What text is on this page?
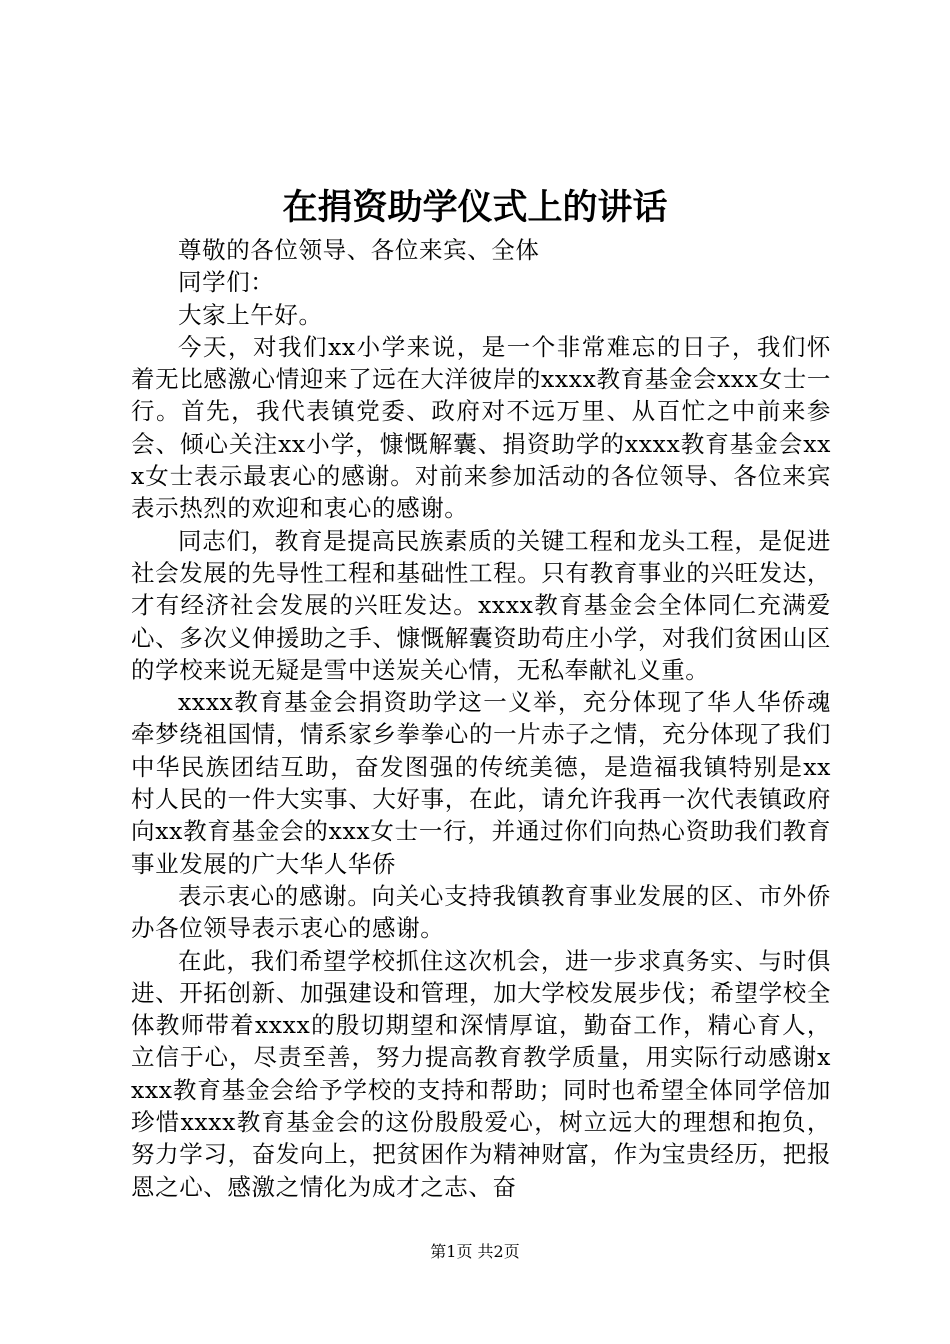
在捐资助学仪式上的讲话

尊敬的各位领导、各位来宾、全体

同学们：

大家上午好。

今天，对我们xx小学来说，是一个非常难忘的日子，我们怀着无比感激心情迎来了远在大洋彼岸的xxxx教育基金会xxx女士一行。首先，我代表镇党委、政府对不远万里、从百忙之中前来参会、倾心关注xx小学，慷慨解囊、捐资助学的xxxx教育基金会xxx女士表示最衷心的感谢。对前来参加活动的各位领导、各位来宾表示热烈的欢迎和衷心的感谢。

同志们，教育是提高民族素质的关键工程和龙头工程，是促进社会发展的先导性工程和基础性工程。只有教育事业的兴旺发达，才有经济社会发展的兴旺发达。xxxx教育基金会全体同仁充满爱心、多次义伸援助之手、慷慨解囊资助苟庄小学，对我们贫困山区的学校来说无疑是雪中送炭关心情，无私奉献礼义重。

xxxx教育基金会捐资助学这一义举，充分体现了华人华侨魂牵梦绕祖国情，情系家乡拳拳心的一片赤子之情，充分体现了我们中华民族团结互助，奋发图强的传统美德，是造福我镇特别是xx村人民的一件大实事、大好事，在此，请允许我再一次代表镇政府向xx教育基金会的xxx女士一行，并通过你们向热心资助我们教育事业发展的广大华人华侨

表示衷心的感谢。向关心支持我镇教育事业发展的区、市外侨办各位领导表示衷心的感谢。

在此，我们希望学校抓住这次机会，进一步求真务实、与时俱进、开拓创新、加强建设和管理，加大学校发展步伐；希望学校全体教师带着xxxx的殷切期望和深情厚谊，勤奋工作，精心育人，立信于心，尽责至善，努力提高教育教学质量，用实际行动感谢xxxx教育基金会给予学校的支持和帮助；同时也希望全体同学倍加珍惜xxxx教育基金会的这份殷殷爱心，树立远大的理想和抱负，努力学习，奋发向上，把贫困作为精神财富，作为宝贵经历，把报恩之心、感激之情化为成才之志、奋

第1页 共2页
